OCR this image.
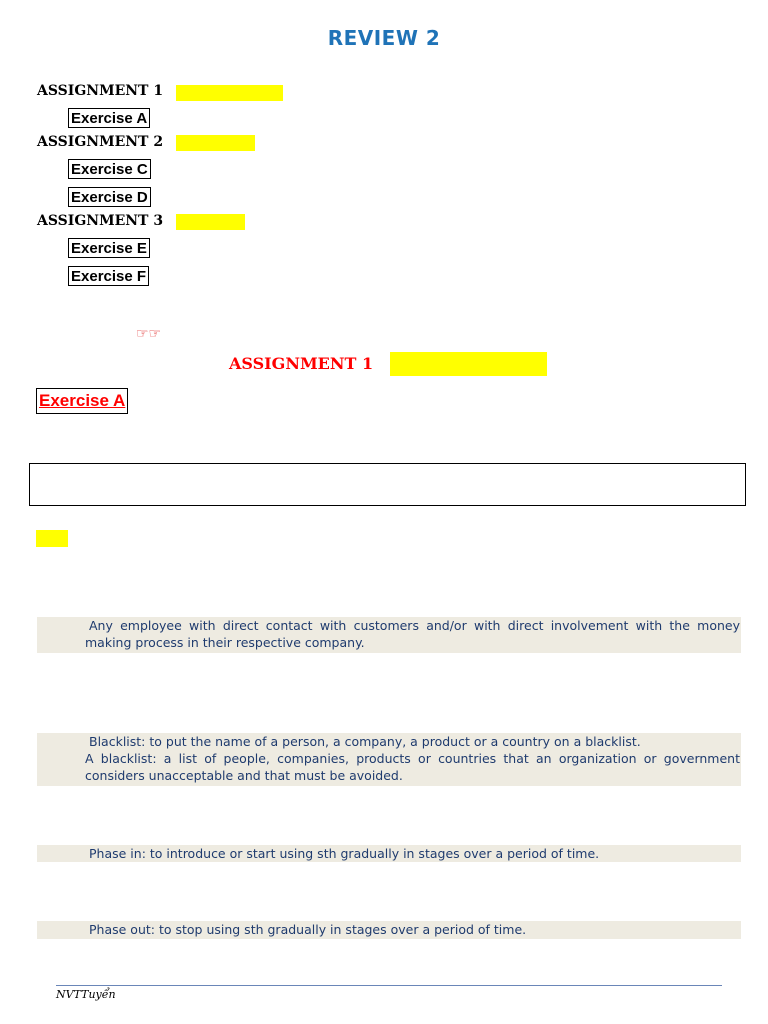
REVIEW 2
ASSIGNMENT 1
Exercise A
ASSIGNMENT 2
Exercise C
Exercise D
ASSIGNMENT 3
Exercise E
Exercise F
☞☞
ASSIGNMENT 1
Exercise A
Any employee with direct contact with customers and/or with direct involvement with the money
making process in their respective company.
Blacklist: to put the name of a person, a company, a product or a country on a blacklist.
A blacklist: a list of people, companies, products or countries that an organization or government
considers unacceptable and that must be avoided.
Phase in: to introduce or start using sth gradually in stages over a period of time.
Phase out: to stop using sth gradually in stages over a period of time.
NVTTuyển
